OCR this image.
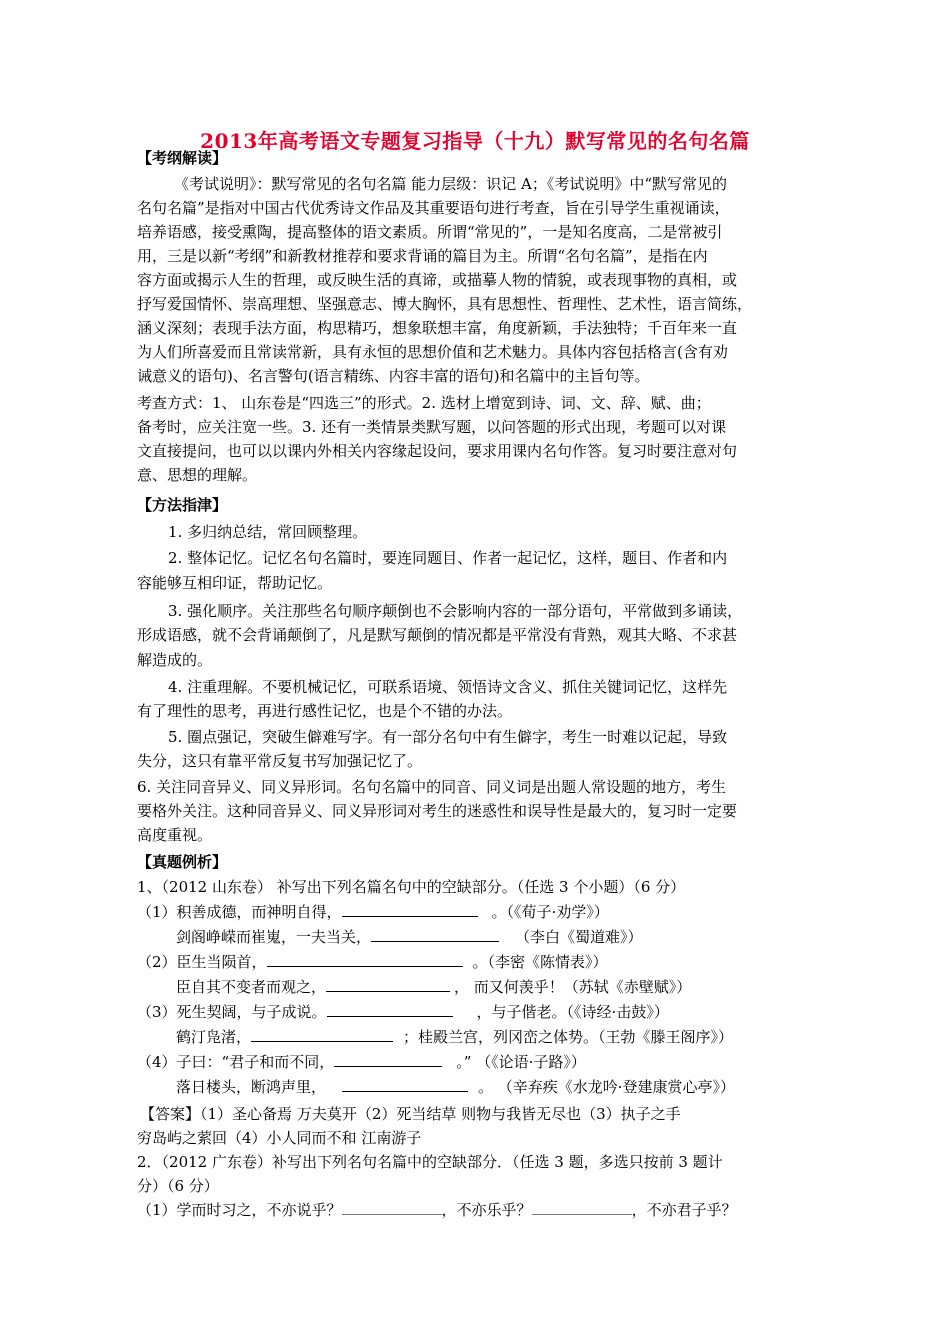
2013年高考语文专题复习指导（十九）默写常见的名句名篇
【考纲解读】
《考试说明》：默写常见的名句名篇 能力层级：识记 A；《考试说明》中“默写常见的
名句名篇”是指对中国古代优秀诗文作品及其重要语句进行考查，旨在引导学生重视诵读，
培养语感，接受熏陶，提高整体的语文素质。所谓“常见的”，一是知名度高，二是常被引
用，三是以新“考纲”和新教材推荐和要求背诵的篇目为主。所谓“名句名篇”，是指在内
容方面或揭示人生的哲理，或反映生活的真谛，或描摹人物的情貌，或表现事物的真相，或
抒写爱国情怀、崇高理想、坚强意志、博大胸怀，具有思想性、哲理性、艺术性，语言简练，
涵义深刻；表现手法方面，构思精巧，想象联想丰富，角度新颖，手法独特；千百年来一直
为人们所喜爱而且常读常新，具有永恒的思想价值和艺术魅力。具体内容包括格言(含有劝
诫意义的语句)、名言警句(语言精练、内容丰富的语句)和名篇中的主旨句等。
考查方式：1、 山东卷是“四选三”的形式。2. 选材上增宽到诗、词、文、辞、赋、曲；
备考时，应关注宽一些。3. 还有一类情景类默写题，以问答题的形式出现，考题可以对课
文直接提问，也可以以课内外相关内容缘起设问，要求用课内名句作答。复习时要注意对句
意、思想的理解。
【方法指津】
1. 多归纳总结，常回顾整理。
2. 整体记忆。记忆名句名篇时，要连同题目、作者一起记忆，这样，题目、作者和内
容能够互相印证，帮助记忆。
3. 强化顺序。关注那些名句顺序颠倒也不会影响内容的一部分语句，平常做到多诵读，
形成语感，就不会背诵颠倒了，凡是默写颠倒的情况都是平常没有背熟，观其大略、不求甚
解造成的。
4. 注重理解。不要机械记忆，可联系语境、领悟诗文含义、抓住关键词记忆，这样先
有了理性的思考，再进行感性记忆，也是个不错的办法。
5. 圈点强记，突破生僻难写字。有一部分名句中有生僻字，考生一时难以记起，导致
失分，这只有靠平常反复书写加强记忆了。
6. 关注同音异义、同义异形词。名句名篇中的同音、同义词是出题人常设题的地方，考生
要格外关注。这种同音异义、同义异形词对考生的迷惑性和误导性是最大的，复习时一定要
高度重视。
【真题例析】
1、（2012 山东卷） 补写出下列名篇名句中的空缺部分。（任选 3 个小题）（6 分）
（1）积善成德，而神明自得，	。（《荀子·劝学》）
剑阁峥嵘而崔嵬，一夫当关，	（李白《蜀道难》）
（2）臣生当陨首，	。（李密《陈情表》）
臣自其不变者而观之，	， 而又何羡乎！（苏轼《赤壁赋》）
（3）死生契阔，与子成说。	，与子偕老。（《诗经·击鼓》）
鹤汀凫渚，	；桂殿兰宫，列冈峦之体势。（王勃《滕王阁序》）
（4）子曰：“君子和而不同，	。” （《论语·子路》）
落日楼头，断鸿声里，	。 （辛弃疾《水龙吟·登建康赏心亭》）
【答案】（1）圣心备焉 万夫莫开（2）死当结草 则物与我皆无尽也（3）执子之手
穷岛屿之萦回（4）小人同而不和 江南游子
2．（2012 广东卷）补写出下列名句名篇中的空缺部分．（任选 3 题，多选只按前 3 题计
分）（6 分）
（1）学而时习之，不亦说乎？	，不亦乐乎？	，不亦君子乎？
